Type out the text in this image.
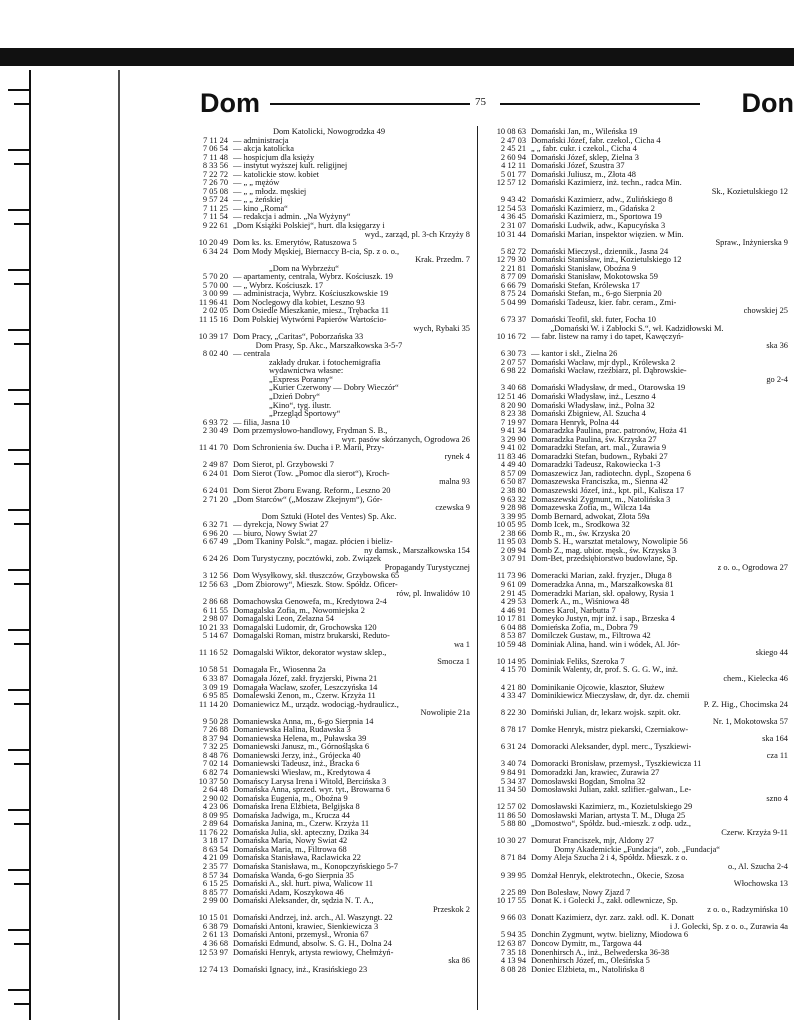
Dom	75	Don
Dom Katolicki, Nowogrodzka 49
7 11 24 — administracja
7 06 54 — akcja katolicka
7 11 48 — hospicjum dla księży
8 33 56 — instytut wyższej kult. religijnej
7 22 72 — katolickie stow. kobiet
7 26 70 — „ „ mężów
7 05 08 — „ „ młodz. męskiej
9 57 24 — „ „ żeńskiej
7 11 25 — kino „Roma“
7 11 54 — redakcja i admin. „Na Wyżyny“
9 22 61 „Dom Książki Polskiej“, hurt. dla księgarzy i
wyd., zarząd, pl. 3-ch Krzyży 8
10 20 49 Dom ks. ks. Emerytów, Ratuszowa 5
6 34 24 Dom Mody Męskiej, Biernaccy B-cia, Sp. z o. o.,
Krak. Przedm. 7
„Dom na Wybrzeżu“
5 70 20 — apartamenty, centrala, Wybrz. Kościuszk. 19
5 70 00 — „ Wybrz. Kościuszk. 17
3 00 99 — administracja, Wybrz. Kościuszkowskie 19
11 96 41 Dom Noclegowy dla kobiet, Leszno 93
2 02 05 Dom Osiedle Mieszkanie, miesz., Trębacka 11
11 15 16 Dom Polskiej Wytwórni Papierów Wartościo-
wych, Rybaki 35
10 39 17 Dom Pracy, „Caritas“, Poborzańska 33
Dom Prasy, Sp. Akc., Marszałkowska 3-5-7
8 02 40 — centrala
zakłady drukar. i fotochemigrafia
wydawnictwa własne:
„Express Poranny“
„Kurier Czerwony — Dobry Wieczór“
„Dzień Dobry“
„Kino“, tyg. ilustr.
„Przegląd Sportowy“
6 93 72 — filia, Jasna 10
2 30 49 Dom przemysłowo-handlowy, Frydman S. B.,
wyr. pasów skórzanych, Ogrodowa 26
11 41 70 Dom Schronienia św. Ducha i P. Marii, Przy-
rynek 4
2 49 87 Dom Sierot, pl. Grzybowski 7
6 24 01 Dom Sierot (Tow. „Pomoc dla sierot“), Kroch-
malna 93
6 24 01 Dom Sierot Zboru Ewang. Reform., Leszno 20
2 71 20 „Dom Starców“ („Moszaw Zkejnym“), Gór-
czewska 9
Dom Sztuki (Hotel des Ventes) Sp. Akc.
6 32 71 — dyrekcja, Nowy Świat 27
6 96 20 — biuro, Nowy Świat 27
6 67 49 „Dom Tkaniny Polsk.“, magaz. płócien i bieliz-
ny damsk., Marszałkowska 154
6 24 26 Dom Turystyczny, pocztówki, zob. Związek
Propagandy Turystycznej
3 12 56 Dom Wysyłkowy, skł. tłuszczów, Grzybowska 65
12 56 63 „Dom Zbiorowy“, Mieszk. Stow. Spółdz. Oficer-
rów, pl. Inwalidów 10
2 86 68 Domachowska Genowefa, m., Kredytowa 2-4
6 11 55 Domagalska Zofia, m., Nowomiejska 2
2 98 07 Domagalski Leon, Żelazna 54
10 21 33 Domagalski Ludomir, dr, Grochowska 120
5 14 67 Domagalski Roman, mistrz brukarski, Reduto-
wa 1
11 16 52 Domagalski Wiktor, dekorator wystaw sklep.,
Smocza 1
10 58 51 Domagała Fr., Wiosenna 2a
6 33 87 Domagała Józef, zakł. fryzjerski, Piwna 21
3 09 19 Domagała Wacław, szofer, Leszczyńska 14
6 95 85 Domalewski Zenon, m., Czerw. Krzyża 11
11 14 20 Domaniewicz M., urządz. wodociąg.-hydraulicz.,
Nowolipie 21a
9 50 28 Domaniewska Anna, m., 6-go Sierpnia 14
7 26 88 Domaniewska Halina, Rudawska 3
8 37 94 Domaniewska Helena, m., Puławska 39
7 32 25 Domaniewski Janusz, m., Górnośląska 6
8 48 76 Domaniewski Jerzy, inż., Grójecka 40
7 02 14 Domaniewski Tadeusz, inż., Bracka 6
6 82 74 Domaniewski Wiesław, m., Kredytowa 4
10 37 50 Domańscy Larysa Irena i Witold, Bercińska 3
2 64 48 Domańska Anna, sprzed. wyr. tyt., Browarna 6
2 90 02 Domańska Eugenia, m., Oboźna 9
4 23 06 Domańska Irena Elżbieta, Belgijska 8
8 09 95 Domańska Jadwiga, m., Krucza 44
2 89 64 Domańska Janina, m., Czerw. Krzyża 11
11 76 22 Domańska Julia, skł. apteczny, Dzika 34
3 18 17 Domańska Maria, Nowy Świat 42
8 63 54 Domańska Maria, m., Filtrowa 68
4 21 09 Domańska Stanisława, Raclawicka 22
2 35 77 Domańska Stanisława, m., Konopczyńskiego 5-7
8 57 34 Domańska Wanda, 6-go Sierpnia 35
6 15 25 Domański A., skł. hurt. piwa, Walicow 11
8 85 77 Domański Adam, Koszykowa 46
2 99 00 Domański Aleksander, dr, sędzia N. T. A.,
Przeskok 2
10 15 01 Domański Andrzej, inż. arch., Al. Waszyngt. 22
6 38 79 Domański Antoni, krawiec, Sienkiewicza 3
2 61 13 Domański Antoni, przemysł., Wronia 67
4 36 68 Domański Edmund, absolw. S. G. H., Dolna 24
12 53 97 Domański Henryk, artysta rewiowy, Chełmżyń-
ska 86
12 74 13 Domański Ignacy, inż., Krasińskiego 23
10 08 63 Domański Jan, m., Wileńska 19
2 47 03 Domański Józef, fabr. czekol., Cicha 4
2 45 21 „ „ fabr. cukr. i czekol., Cicha 4
2 60 94 Domański Józef, sklep, Zielna 3
4 12 11 Domański Józef, Szustra 37
5 01 77 Domański Juliusz, m., Złota 48
12 57 12 Domański Kazimierz, inż. techn., radca Min.
Sk., Kozietulskiego 12
9 43 42 Domański Kazimierz, adw., Żulińskiego 8
12 54 53 Domański Kazimierz, m., Gdańska 2
4 36 45 Domański Kazimierz, m., Sportowa 19
2 31 07 Domański Ludwik, adw., Kapucyńska 3
10 31 44 Domański Marian, inspektor więzien. w Min.
Spraw., Inżynierska 9
5 82 72 Domański Mieczysł., dziennik., Jasna 24
12 79 30 Domański Stanisław, inż., Kozietulskiego 12
2 21 81 Domański Stanisław, Oboźna 9
8 77 09 Domański Stanisław, Mokotowska 59
6 66 79 Domański Stefan, Królewska 17
8 75 24 Domański Stefan, m., 6-go Sierpnia 20
5 04 99 Domański Tadeusz, kier. fabr. ceram., Zmi-
chowskiej 25
6 73 37 Domański Teofil, skł. futer, Focha 10
„Domański W. i Zabłocki S.“, wł. Kadzidłowski M.
10 16 72 — fabr. listew na ramy i do tapet, Kawęczyń-
ska 36
6 30 73 — kantor i skł., Zielna 26
2 07 57 Domański Wacław, mjr dypl., Królewska 2
6 98 22 Domański Wacław, rzeźbiarz, pl. Dąbrowskie-
go 2-4
3 40 68 Domański Władysław, dr med., Otarowska 19
12 51 46 Domański Władysław, inż., Leszno 4
8 20 90 Domański Władysław, inż., Polna 32
8 23 38 Domański Zbigniew, Al. Szucha 4
7 19 97 Domara Henryk, Polna 44
9 41 34 Domaradzka Paulina, prac. patronów, Hoża 41
3 29 90 Domaradzka Paulina, św. Krzyska 27
9 41 02 Domaradzki Stefan, art. mal., Żurawia 9
11 83 46 Domaradzki Stefan, budown., Rybaki 27
4 49 40 Domaradzki Tadeusz, Rakowiecka 1-3
8 57 09 Domaszewicz Jan, radiotechn. dypl., Szopena 6
6 50 87 Domaszewska Franciszka, m., Sienna 42
2 38 80 Domaszewski Józef, inż., kpt. pil., Kalisza 17
9 63 32 Domaszewski Zygmunt, m., Natolińska 3
9 28 98 Domazewska Zofia, m., Wilcza 14a
3 39 95 Domb Bernard, adwokat, Złota 59a
10 05 95 Domb Icek, m., Środkowa 32
2 38 66 Domb R., m., św. Krzyska 20
11 95 03 Domb S. H., warsztat metalowy, Nowolipie 56
2 09 94 Domb Z., mag. ubior. męsk., św. Krzyska 3
3 07 91 Dom-Bet, przedsiębiorstwo budowlane, Sp.
z o. o., Ogrodowa 27
11 73 96 Domeracki Marian, zakł. fryzjer., Długa 8
9 61 09 Domeradzka Anna, m., Marszałkowska 81
2 91 45 Domeradzki Marian, skł. opałowy, Rysia 1
4 29 53 Domerk A., m., Wiśniowa 48
4 46 91 Domes Karol, Narbutta 7
10 17 81 Domeyko Justyn, mjr inż. i sap., Brzeska 4
6 04 88 Domieńska Zofia, m., Dobra 79
8 53 87 Domilczek Gustaw, m., Filtrowa 42
10 59 48 Dominiak Alina, hand. win i wódek, Al. Jór-
skiego 44
10 14 95 Dominiak Feliks, Szeroka 7
4 15 70 Dominik Walenty, dr, prof. S. G. G. W., inż.
chem., Kielecka 46
4 21 80 Dominikanie Ojcowie, klasztor, Służew
4 33 47 Dominikiewicz Mieczysław, dr, dyr. dz. chemii
P. Z. Hig., Chocimska 24
8 22 30 Domiński Julian, dr, lekarz wojsk. szpit. okr.
Nr. 1, Mokotowska 57
8 78 17 Domke Henryk, mistrz piekarski, Czerniakow-
ska 164
6 31 24 Domoracki Aleksander, dypl. merc., Tyszkiewi-
cza 11
3 40 74 Domoracki Bronisław, przemysł., Tyszkiewicza 11
9 84 91 Domoradzki Jan, krawiec, Żurawia 27
5 34 37 Domosławski Bogdan, Śmolna 32
11 34 50 Domosławski Julian, zakł. szlifier.-galwan., Le-
szno 4
12 57 02 Domosławski Kazimierz, m., Kozietulskiego 29
11 86 50 Domosławski Marian, artysta T. M., Długa 25
5 88 80 „Domostwo“, Spółdz. bud.-mieszk. z odp. udz.,
Czerw. Krzyża 9-11
10 30 27 Domurat Franciszek, mjr, Aldony 27
Domy Akademickie „Fundacja“, zob. „Fundacja“
8 71 84 Domy Aleja Szucha 2 i 4, Spółdz. Mieszk. z o.
o., Al. Szucha 2-4
9 39 95 Domżał Henryk, elektrotechn., Okecie, Szosa
Włochowska 13
2 25 89 Don Bolesław, Nowy Zjazd 7
10 17 55 Donat K. i Golecki J., zakł. odlewnicze, Sp.
z o. o., Radzymińska 10
9 66 03 Donatt Kazimierz, dyr. zarz. zakł. odl. K. Donatt
i J. Golecki, Sp. z o. o., Żurawia 4a
5 94 35 Donchin Zygmunt, wytw. bielizny, Miodowa 6
12 63 87 Doncow Dymitr, m., Targowa 44
7 35 18 Donenhirsch A., inż., Belwederska 36-38
4 13 94 Donenhirsch Józef, m., Oleśińska 5
8 08 28 Doniec Elżbieta, m., Natolińska 8
